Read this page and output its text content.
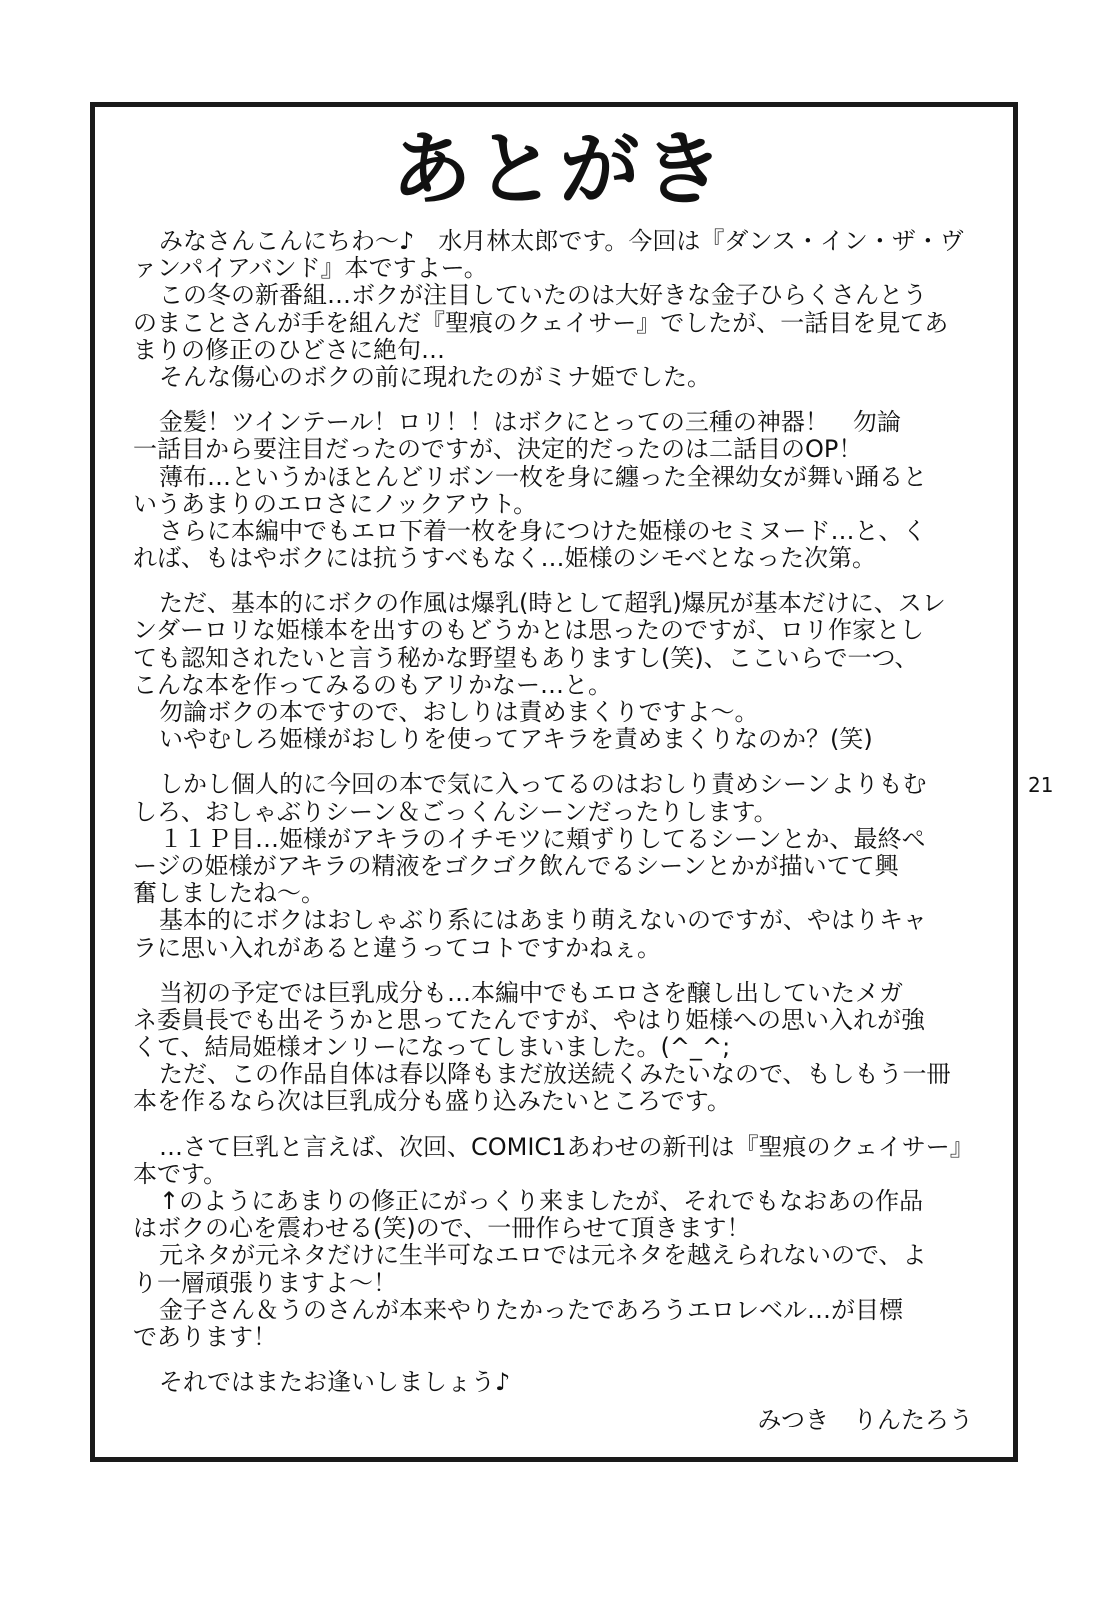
あとがき
みなさんこんにちわ～♪　水月林太郎です。今回は『ダンス・イン・ザ・ヴ
ァンパイアバンド』本ですよー。
この冬の新番組…ボクが注目していたのは大好きな金子ひらくさんとう
のまことさんが手を組んだ『聖痕のクェイサー』でしたが、一話目を見てあ
まりの修正のひどさに絶句…
そんな傷心のボクの前に現れたのがミナ姫でした。
金髪！ツインテール！ロリ！！はボクにとっての三種の神器！　勿論
一話目から要注目だったのですが、決定的だったのは二話目のOP！
薄布…というかほとんどリボン一枚を身に纏った全裸幼女が舞い踊ると
いうあまりのエロさにノックアウト。
さらに本編中でもエロ下着一枚を身につけた姫様のセミヌード…と、く
れば、もはやボクには抗うすべもなく…姫様のシモベとなった次第。
ただ、基本的にボクの作風は爆乳(時として超乳)爆尻が基本だけに、スレ
ンダーロリな姫様本を出すのもどうかとは思ったのですが、ロリ作家とし
ても認知されたいと言う秘かな野望もありますし(笑)、ここいらで一つ、
こんな本を作ってみるのもアリかなー…と。
勿論ボクの本ですので、おしりは責めまくりですよ～。
いやむしろ姫様がおしりを使ってアキラを責めまくりなのか？(笑)
しかし個人的に今回の本で気に入ってるのはおしり責めシーンよりもむ
しろ、おしゃぶりシーン＆ごっくんシーンだったりします。
１１Ｐ目…姫様がアキラのイチモツに頬ずりしてるシーンとか、最終ペ
ージの姫様がアキラの精液をゴクゴク飲んでるシーンとかが描いてて興
奮しましたね～。
基本的にボクはおしゃぶり系にはあまり萌えないのですが、やはりキャ
ラに思い入れがあると違うってコトですかねぇ。
当初の予定では巨乳成分も…本編中でもエロさを醸し出していたメガ
ネ委員長でも出そうかと思ってたんですが、やはり姫様への思い入れが強
くて、結局姫様オンリーになってしまいました。(^_^;
ただ、この作品自体は春以降もまだ放送続くみたいなので、もしもう一冊
本を作るなら次は巨乳成分も盛り込みたいところです。
…さて巨乳と言えば、次回、COMIC1あわせの新刊は『聖痕のクェイサー』
本です。
↑のようにあまりの修正にがっくり来ましたが、それでもなおあの作品
はボクの心を震わせる(笑)ので、一冊作らせて頂きます！
元ネタが元ネタだけに生半可なエロでは元ネタを越えられないので、よ
り一層頑張りますよ～！
金子さん＆うのさんが本来やりたかったであろうエロレベル…が目標
であります！
それではまたお逢いしましょう♪
みつき　りんたろう
21
